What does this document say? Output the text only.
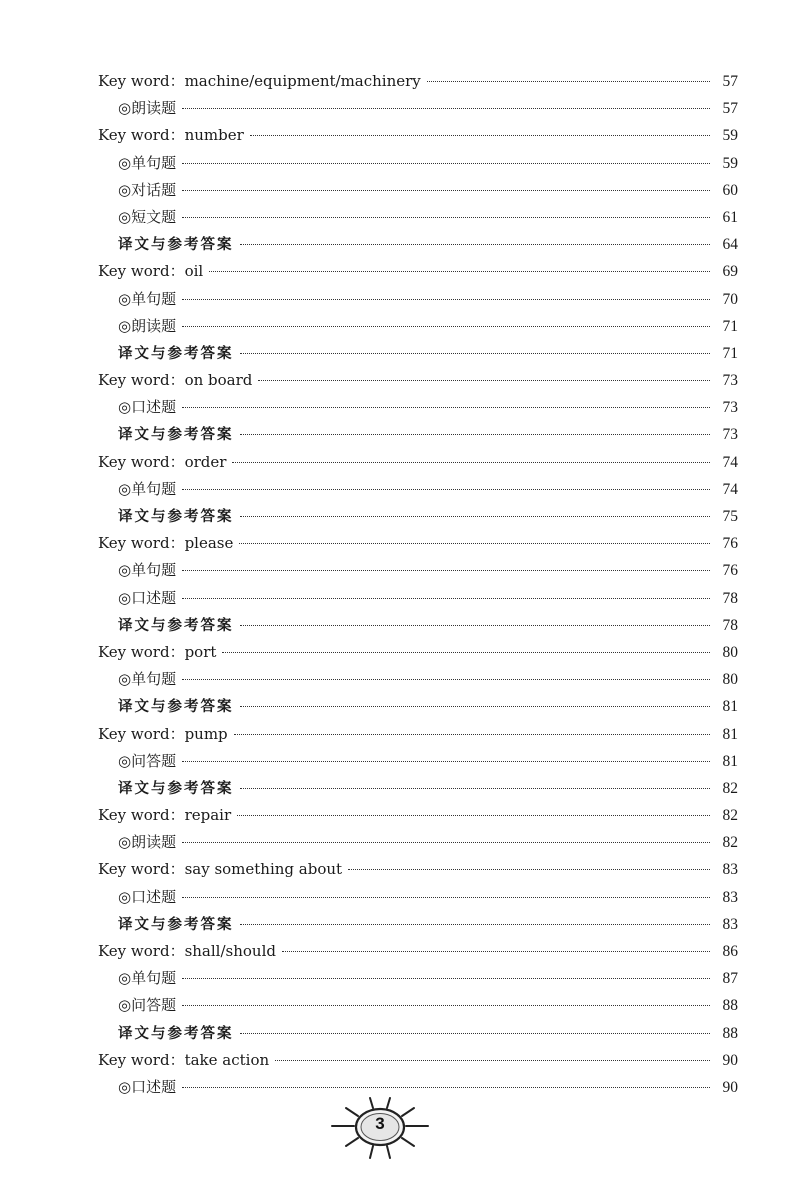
Key word：machine/equipment/machinery	57
◎朗读题	57
Key word：number	59
◎单句题	59
◎对话题	60
◎短文题	61
译文与参考答案	64
Key word：oil	69
◎单句题	70
◎朗读题	71
译文与参考答案	71
Key word：on board	73
◎口述题	73
译文与参考答案	73
Key word：order	74
◎单句题	74
译文与参考答案	75
Key word：please	76
◎单句题	76
◎口述题	78
译文与参考答案	78
Key word：port	80
◎单句题	80
译文与参考答案	81
Key word：pump	81
◎问答题	81
译文与参考答案	82
Key word：repair	82
◎朗读题	82
Key word：say something about	83
◎口述题	83
译文与参考答案	83
Key word：shall/should	86
◎单句题	87
◎问答题	88
译文与参考答案	88
Key word：take action	90
◎口述题	90
3
